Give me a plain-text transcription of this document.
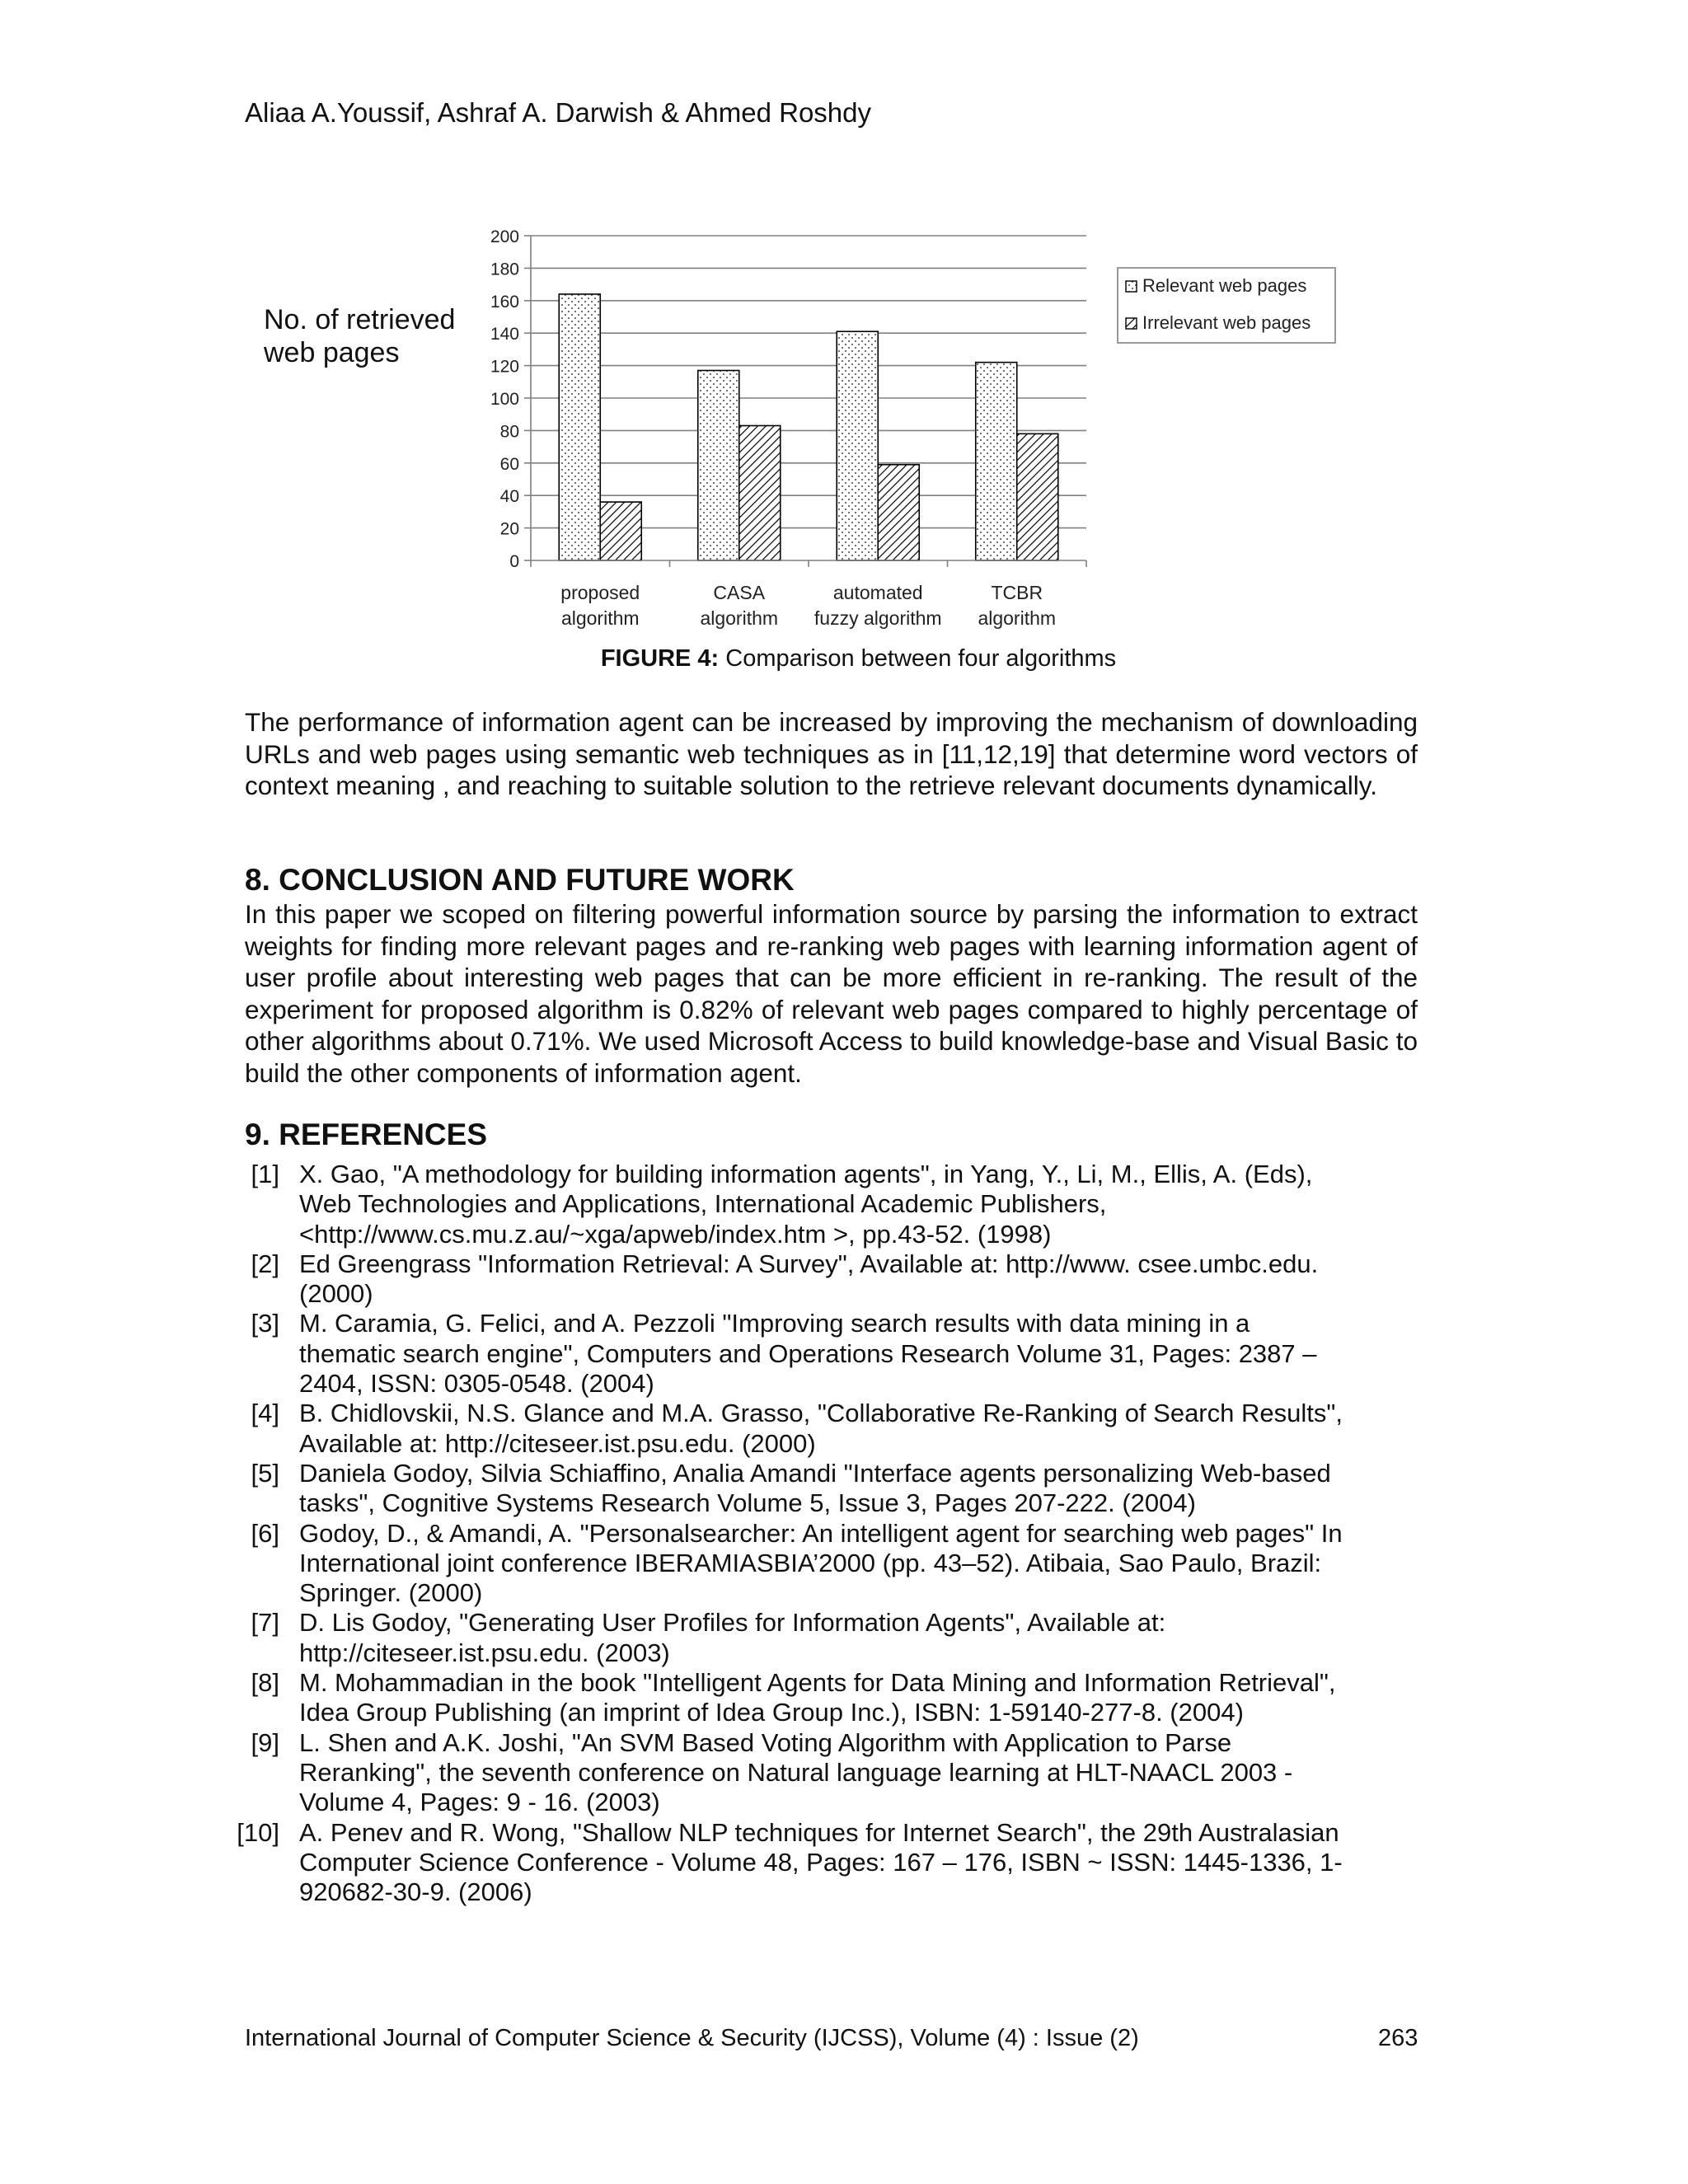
Aliaa A.Youssif, Ashraf A. Darwish & Ahmed Roshdy
0
20
40
60
80
100
120
140
160
180
200
proposed
algorithm
CASA
algorithm
automated
fuzzy algorithm
TCBR
algorithm
Relevant web pages
Irrelevant web pages
No. of retrieved web pages
FIGURE 4: Comparison between four algorithms
The performance of information agent can be increased by improving the mechanism of downloading URLs and web pages using semantic web techniques as in [11,12,19] that determine word vectors of context meaning , and reaching to suitable solution to the retrieve relevant documents dynamically.
8. CONCLUSION AND FUTURE WORK
In this paper we scoped on filtering powerful information source by parsing the information to extract weights for finding more relevant pages and re-ranking web pages with learning information agent of user profile about interesting web pages that can be more efficient in re-ranking. The result of the experiment for proposed algorithm is 0.82% of relevant web pages compared to highly percentage of other algorithms about 0.71%. We used Microsoft Access to build knowledge-base and Visual Basic to build the other components of information agent.
9. REFERENCES
[1] X. Gao, "A methodology for building information agents", in Yang, Y., Li, M., Ellis, A. (Eds),
Web Technologies and Applications, International Academic Publishers,
<http://www.cs.mu.z.au/~xga/apweb/index.htm >, pp.43-52. (1998)
[2] Ed Greengrass "Information Retrieval: A Survey", Available at: http://www. csee.umbc.edu.
(2000)
[3] M. Caramia, G. Felici, and A. Pezzoli "Improving search results with data mining in a
thematic search engine", Computers and Operations Research Volume 31, Pages: 2387 –
2404, ISSN: 0305-0548. (2004)
[4] B. Chidlovskii, N.S. Glance and M.A. Grasso, "Collaborative Re-Ranking of Search Results",
Available at: http://citeseer.ist.psu.edu. (2000)
[5] Daniela Godoy, Silvia Schiaffino, Analia Amandi "Interface agents personalizing Web-based
tasks", Cognitive Systems Research Volume 5, Issue 3, Pages 207-222. (2004)
[6] Godoy, D., & Amandi, A. "Personalsearcher: An intelligent agent for searching web pages" In
International joint conference IBERAMIASBIA’2000 (pp. 43–52). Atibaia, Sao Paulo, Brazil:
Springer. (2000)
[7] D. Lis Godoy, "Generating User Profiles for Information Agents", Available at:
http://citeseer.ist.psu.edu. (2003)
[8] M. Mohammadian in the book "Intelligent Agents for Data Mining and Information Retrieval",
Idea Group Publishing (an imprint of Idea Group Inc.), ISBN: 1-59140-277-8. (2004)
[9] L. Shen and A.K. Joshi, "An SVM Based Voting Algorithm with Application to Parse
Reranking", the seventh conference on Natural language learning at HLT-NAACL 2003 -
Volume 4, Pages: 9 - 16. (2003)
[10] A. Penev and R. Wong, "Shallow NLP techniques for Internet Search", the 29th Australasian
Computer Science Conference - Volume 48, Pages: 167 – 176, ISBN ~ ISSN: 1445-1336, 1-
920682-30-9. (2006)
International Journal of Computer Science & Security (IJCSS), Volume (4) : Issue (2)	263
